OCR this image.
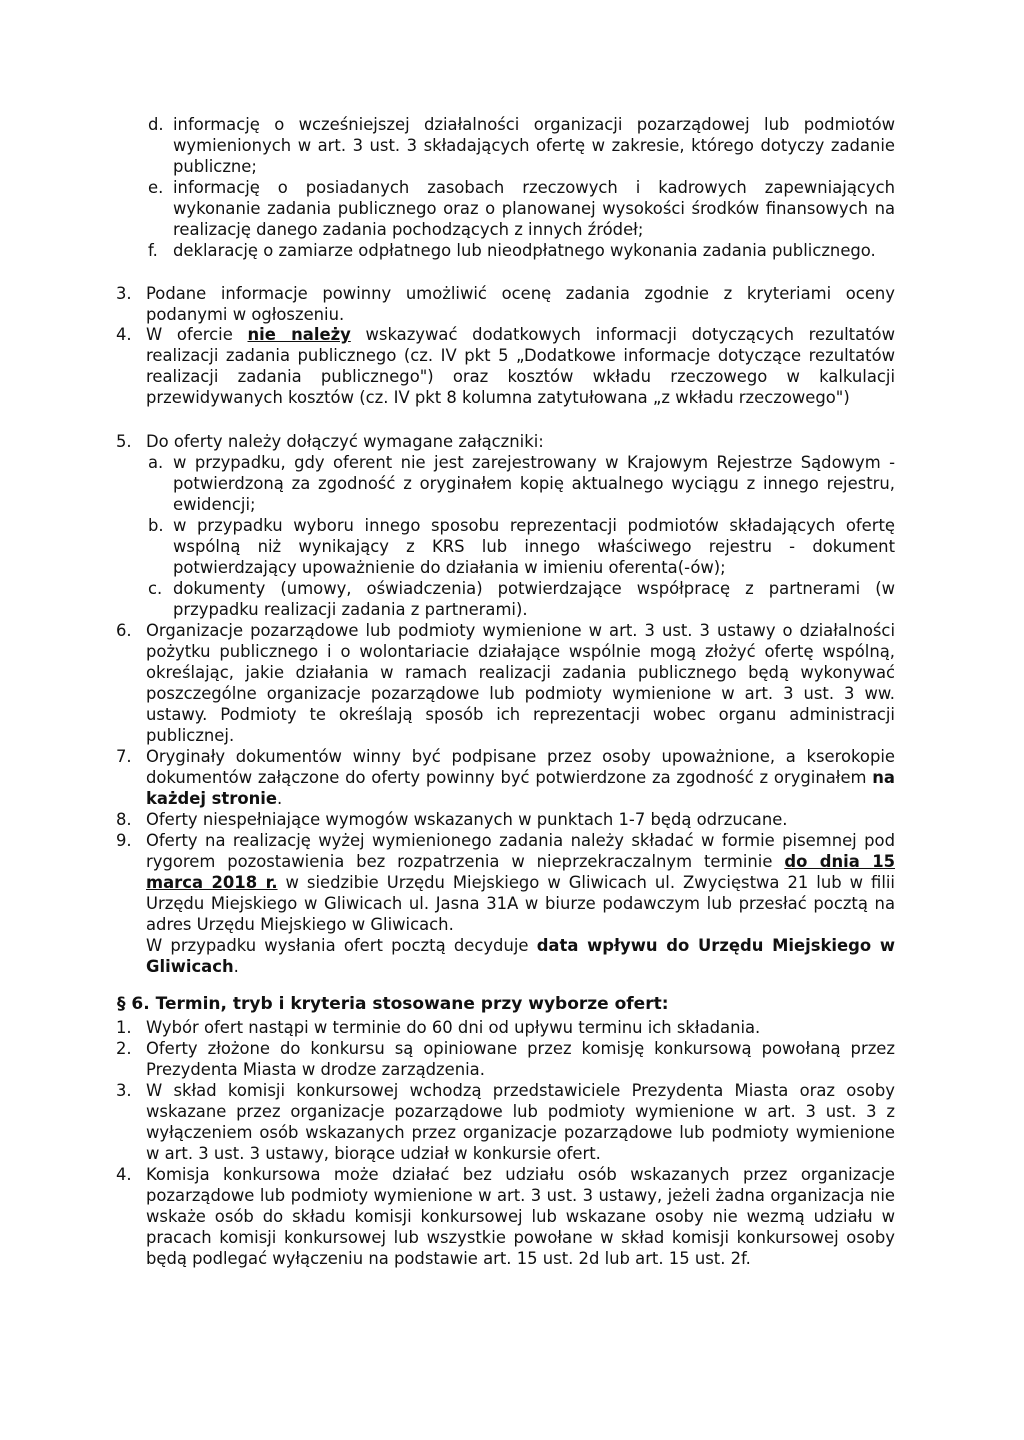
d. informację o wcześniejszej działalności organizacji pozarządowej lub podmiotów wymienionych w art. 3 ust. 3 składających ofertę w zakresie, którego dotyczy zadanie publiczne;
e. informację o posiadanych zasobach rzeczowych i kadrowych zapewniających wykonanie zadania publicznego oraz o planowanej wysokości środków finansowych na realizację danego zadania pochodzących z innych źródeł;
f. deklarację o zamiarze odpłatnego lub nieodpłatnego wykonania zadania publicznego.
3. Podane informacje powinny umożliwić ocenę zadania zgodnie z kryteriami oceny podanymi w ogłoszeniu.
4. W ofercie nie należy wskazywać dodatkowych informacji dotyczących rezultatów realizacji zadania publicznego (cz. IV pkt 5 „Dodatkowe informacje dotyczące rezultatów realizacji zadania publicznego") oraz kosztów wkładu rzeczowego w kalkulacji przewidywanych kosztów (cz. IV pkt 8 kolumna zatytułowana „z wkładu rzeczowego")
5. Do oferty należy dołączyć wymagane załączniki:
a. w przypadku, gdy oferent nie jest zarejestrowany w Krajowym Rejestrze Sądowym - potwierdzoną za zgodność z oryginałem kopię aktualnego wyciągu z innego rejestru, ewidencji;
b. w przypadku wyboru innego sposobu reprezentacji podmiotów składających ofertę wspólną niż wynikający z KRS lub innego właściwego rejestru - dokument potwierdzający upoważnienie do działania w imieniu oferenta(-ów);
c. dokumenty (umowy, oświadczenia) potwierdzające współpracę z partnerami (w przypadku realizacji zadania z partnerami).
6. Organizacje pozarządowe lub podmioty wymienione w art. 3 ust. 3 ustawy o działalności pożytku publicznego i o wolontariacie działające wspólnie mogą złożyć ofertę wspólną, określając, jakie działania w ramach realizacji zadania publicznego będą wykonywać poszczególne organizacje pozarządowe lub podmioty wymienione w art. 3 ust. 3 ww. ustawy. Podmioty te określają sposób ich reprezentacji wobec organu administracji publicznej.
7. Oryginały dokumentów winny być podpisane przez osoby upoważnione, a kserokopie dokumentów załączone do oferty powinny być potwierdzone za zgodność z oryginałem na każdej stronie.
8. Oferty niespełniające wymogów wskazanych w punktach 1-7 będą odrzucane.
9. Oferty na realizację wyżej wymienionego zadania należy składać w formie pisemnej pod rygorem pozostawienia bez rozpatrzenia w nieprzekraczalnym terminie do dnia 15 marca 2018 r. w siedzibie Urzędu Miejskiego w Gliwicach ul. Zwycięstwa 21 lub w filii Urzędu Miejskiego w Gliwicach ul. Jasna 31A w biurze podawczym lub przesłać pocztą na adres Urzędu Miejskiego w Gliwicach.
W przypadku wysłania ofert pocztą decyduje data wpływu do Urzędu Miejskiego w Gliwicach.
§ 6. Termin, tryb i kryteria stosowane przy wyborze ofert:
1. Wybór ofert nastąpi w terminie do 60 dni od upływu terminu ich składania.
2. Oferty złożone do konkursu są opiniowane przez komisję konkursową powołaną przez Prezydenta Miasta w drodze zarządzenia.
3. W skład komisji konkursowej wchodzą przedstawiciele Prezydenta Miasta oraz osoby wskazane przez organizacje pozarządowe lub podmioty wymienione w art. 3 ust. 3 z wyłączeniem osób wskazanych przez organizacje pozarządowe lub podmioty wymienione w art. 3 ust. 3 ustawy, biorące udział w konkursie ofert.
4. Komisja konkursowa może działać bez udziału osób wskazanych przez organizacje pozarządowe lub podmioty wymienione w art. 3 ust. 3 ustawy, jeżeli żadna organizacja nie wskaże osób do składu komisji konkursowej lub wskazane osoby nie wezmą udziału w pracach komisji konkursowej lub wszystkie powołane w skład komisji konkursowej osoby będą podlegać wyłączeniu na podstawie art. 15 ust. 2d lub art. 15 ust. 2f.
